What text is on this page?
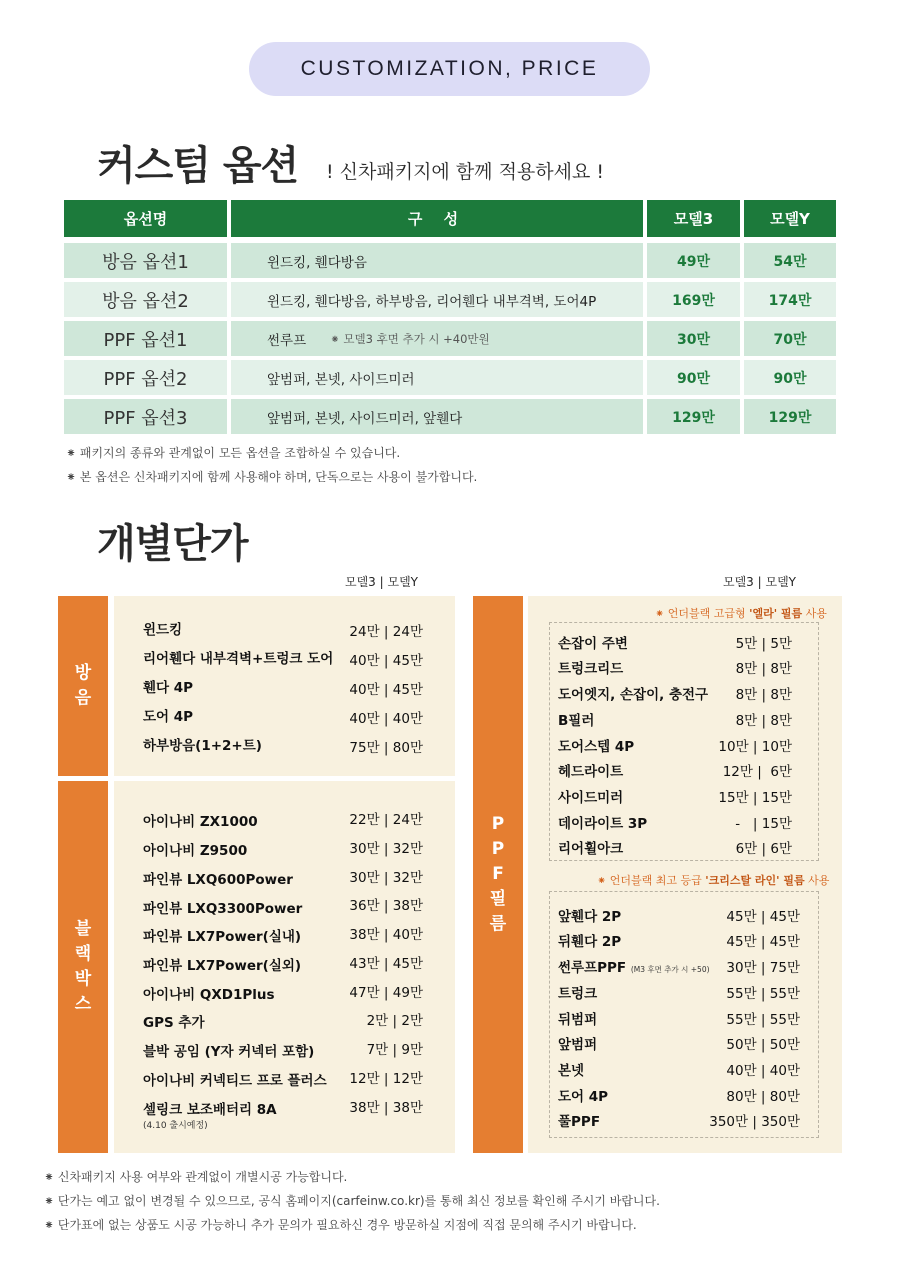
CUSTOMIZATION, PRICE
커스텀 옵션 ! 신차패키지에 함께 적용하세요 !
옵션명	구 성	모델3	모델Y
방음 옵션1	윈드킹, 휀다방음	49만	54만
방음 옵션2	윈드킹, 휀다방음, 하부방음, 리어휀다 내부격벽, 도어4P	169만	174만
PPF 옵션1	썬루프 ⁕ 모델3 후면 추가 시 +40만원	30만	70만
PPF 옵션2	앞범퍼, 본넷, 사이드미러	90만	90만
PPF 옵션3	앞범퍼, 본넷, 사이드미러, 앞휀다	129만	129만
⁕ 패키지의 종류와 관계없이 모든 옵션을 조합하실 수 있습니다.
⁕ 본 옵션은 신차패키지에 함께 사용해야 하며, 단독으로는 사용이 불가합니다.
개별단가
모델3 | 모델Y	모델3 | 모델Y
방
음
윈드킹	24만 | 24만
리어휀다 내부격벽+트렁크 도어 40만 | 45만
휀다 4P	40만 | 45만
도어 4P	40만 | 40만
하부방음(1+2+트)	75만 | 80만
블
랙
박
스
아이나비 ZX1000	22만 | 24만
아이나비 Z9500	30만 | 32만
파인뷰 LXQ600Power	30만 | 32만
파인뷰 LXQ3300Power	36만 | 38만
파인뷰 LX7Power(실내)	38만 | 40만
파인뷰 LX7Power(실외)	43만 | 45만
아이나비 QXD1Plus	47만 | 49만
GPS 추가	2만 | 2만
블박 공임 (Y자 커넥터 포함)	7만 | 9만
아이나비 커넥티드 프로 플러스 12만 | 12만
셀링크 보조배터리 8A	38만 | 38만
(4.10 출시예정)
P
P
F
필
름
⁕ 언더블랙 고급형 '엘라' 필름 사용
손잡이 주변	5만 | 5만
트렁크리드	8만 | 8만
도어엣지, 손잡이, 충전구 8만 | 8만
B필러	8만 | 8만
도어스텝 4P	10만 | 10만
헤드라이트	12만 |  6만
사이드미러	15만 | 15만
데이라이트 3P	-   | 15만
리어휠아크	6만 | 6만
⁕ 언더블랙 최고 등급 '크리스탈 라인' 필름 사용
앞휀다 2P	45만 | 45만
뒤휀다 2P	45만 | 45만
썬루프PPF (M3 후면 추가 시 +50) 30만 | 75만
트렁크	55만 | 55만
뒤범퍼	55만 | 55만
앞범퍼	50만 | 50만
본넷	40만 | 40만
도어 4P	80만 | 80만
풀PPF	350만 | 350만
⁕ 신차패키지 사용 여부와 관계없이 개별시공 가능합니다.
⁕ 단가는 예고 없이 변경될 수 있으므로, 공식 홈페이지(carfeinw.co.kr)를 통해 최신 정보를 확인해 주시기 바랍니다.
⁕ 단가표에 없는 상품도 시공 가능하니 추가 문의가 필요하신 경우 방문하실 지점에 직접 문의해 주시기 바랍니다.
